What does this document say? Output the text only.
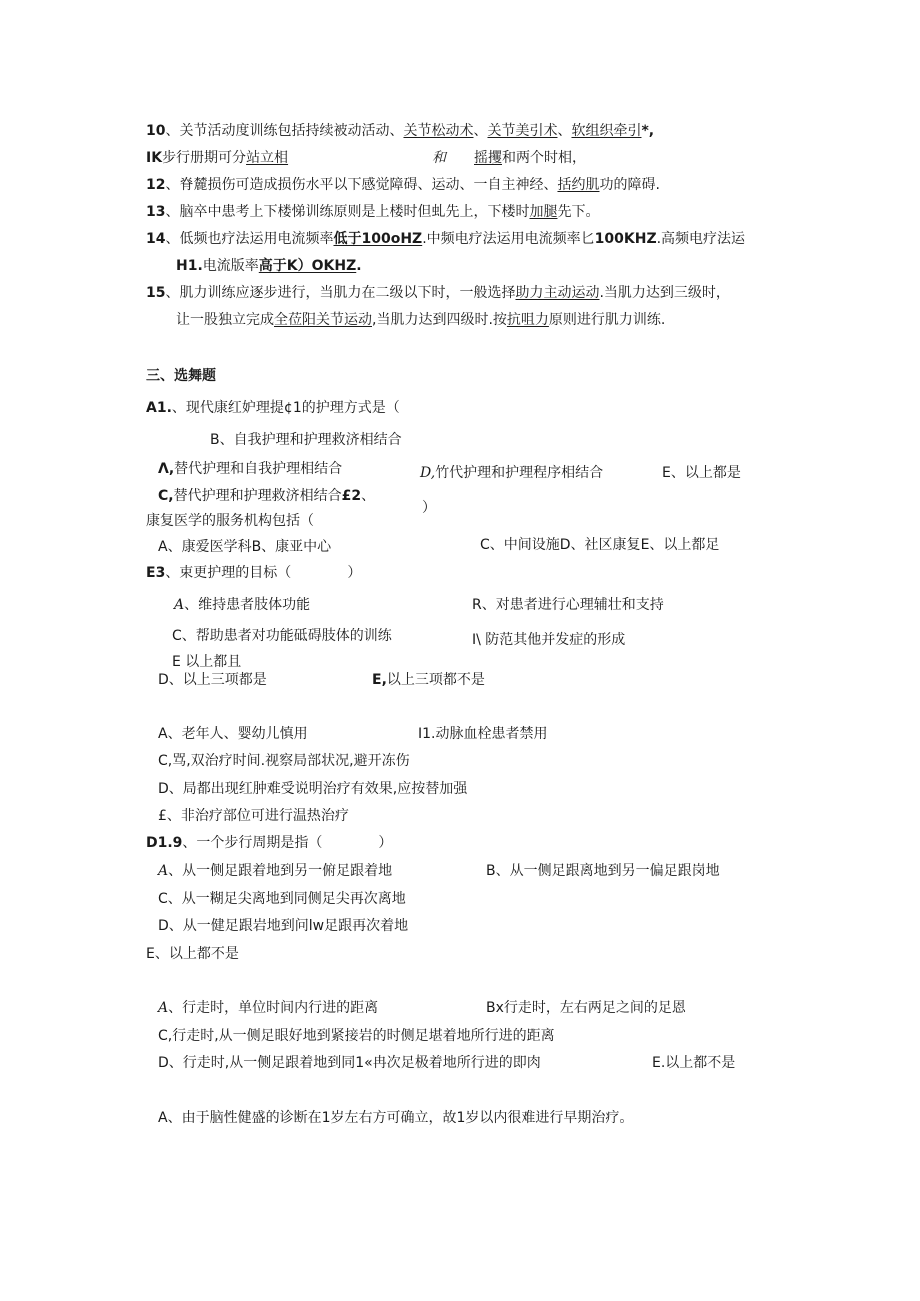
10、关节活动度训练包括持续被动活动、关节松动术、关节美引术、软组织牵引*,
IK步行册期可分站立相	和 摇攫和两个时相，
12、脊麓损伤可造成损伤水平以下感觉障碍、运动、一自主神经、括约肌功的障碍.
13、脑卒中患考上下楼悌训练原则是上楼时但虬先上，下楼时加腿先下。
14、低频也疗法运用电流频率低于100oHZ.中频电疗法运用电流频率匕100KHZ.高频电疗法运
H1.电流版率高于K）OKHZ.
15、肌力训练应逐步进行，当肌力在二级以下时，一般选择助力主动运动.当肌力达到三级时，
让一股独立完成全莅阳关节运动,当肌力达到四级时.按抗咀力原则进行肌力训练.
三、选舞题
A1.、现代康红妒理提¢1的护理方式是（
B、自我护理和护理救济相结合
Λ,替代护理和自我护理相结合	D,竹代护理和护理程序相结合	E、以上都是
C,替代护理和护理救济相结合£2、
）
康复医学的服务机构包括（
A、康爱医学科B、康亚中心	C、中间设施D、社区康复E、以上都足
E3、束更护理的目标（	）
A、维持患者肢体功能	R、对患者进行心理辅壮和支持
C、帮助患者对功能砥碍肢体的训练	I\ 防范其他并发症的形成
E 以上都且
D、以上三项都是	E,以上三项都不是
A、老年人、婴幼儿慎用	I1.动脉血栓患者禁用
C,骂,双治疗时间.视察局部状况,避开冻伤
D、局都出现红肿难受说明治疗有效果,应按替加强
£、非治疗部位可进行温热治疗
D1.9、一个步行周期是指（	）
A、从一侧足跟着地到另一俯足跟着地	B、从一侧足跟离地到另一偏足跟岗地
C、从一糊足尖离地到同侧足尖再次离地
D、从一健足跟岩地到问lw足跟再次着地
E、以上都不是
A、行走时，单位时间内行进的距离	Bx行走时，左右两足之间的足恩
C,行走时,从一侧足眼好地到紧接岩的时侧足堪着地所行进的距离
D、行走时,从一侧足跟着地到同1«冉次足极着地所行进的即肉	E.以上都不是
A、由于脑性健盛的诊断在1岁左右方可确立，故1岁以内很难进行早期治疗。
